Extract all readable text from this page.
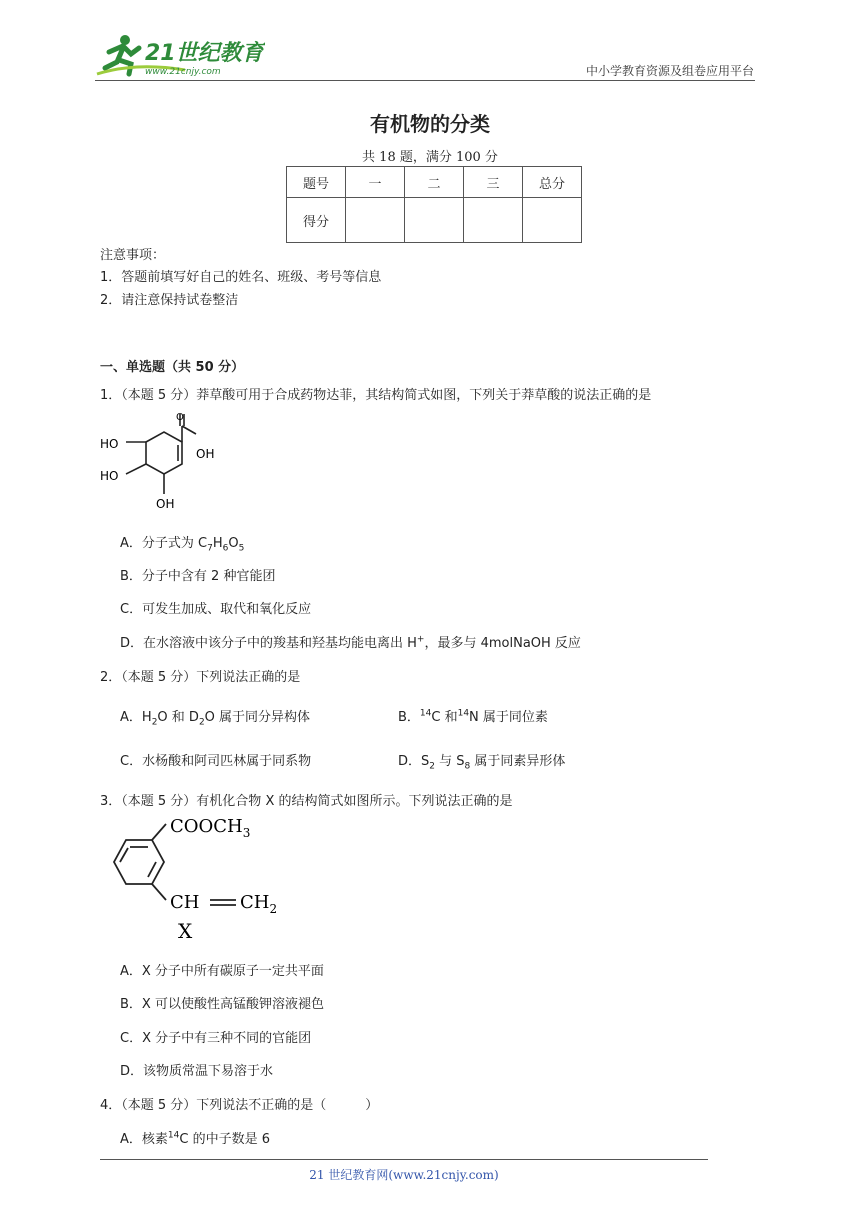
21世纪教育
www.21cnjy.com	中小学教育资源及组卷应用平台
有机物的分类
共 18 题，满分 100 分
题号	一	二	三	总分
得分				
注意事项：
1．答题前填写好自己的姓名、班级、考号等信息
2．请注意保持试卷整洁
一、单选题（共 50 分）
1．（本题 5 分）莽草酸可用于合成药物达菲，其结构简式如图，下列关于莽草酸的说法正确的是
HO
HO
OH
OH
O
A．分子式为 $C_7H_6O_5$
B．分子中含有 2 种官能团
C．可发生加成、取代和氧化反应
D．在水溶液中该分子中的羧基和羟基均能电离出 H+，最多与 4molNaOH 反应
2．（本题 5 分）下列说法正确的是
A．$H_2O$ 和 $D_2O$ 属于同分异构体	B．$^{14}$C 和$^{14}$N 属于同位素
C．水杨酸和阿司匹林属于同系物	D．$S_2$ 与 $S_8$ 属于同素异形体
3．（本题 5 分）有机化合物 X 的结构简式如图所示。下列说法正确的是
$COOCH_3$
CH $CH_2$
X
A．X 分子中所有碳原子一定共平面
B．X 可以使酸性高锰酸钾溶液褪色
C．X 分子中有三种不同的官能团
D．该物质常温下易溶于水
4．（本题 5 分）下列说法不正确的是（　　　）
A．核素$^{14}$C 的中子数是 6
21 世纪教育网(www.21cnjy.com)
